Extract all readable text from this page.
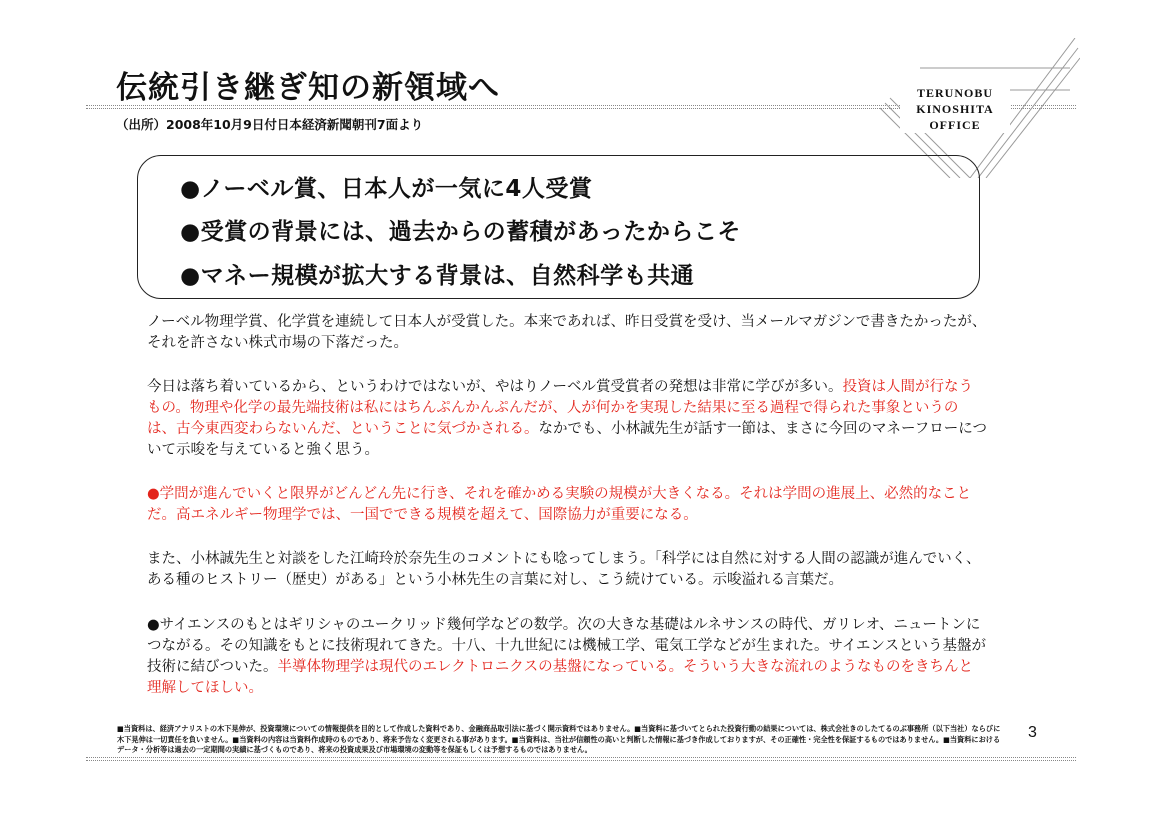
伝統引き継ぎ知の新領域へ
（出所）2008年10月9日付日本経済新聞朝刊7面より
TERUNOBU
KINOSHITA
OFFICE
●ノーベル賞、日本人が一気に4人受賞
●受賞の背景には、過去からの蓄積があったからこそ
●マネー規模が拡大する背景は、自然科学も共通

ノーベル物理学賞、化学賞を連続して日本人が受賞した。本来であれば、昨日受賞を受け、当メールマガジンで書きたかったが、それを許さない株式市場の下落だった。

今日は落ち着いているから、というわけではないが、やはりノーベル賞受賞者の発想は非常に学びが多い。投資は人間が行なうもの。物理や化学の最先端技術は私にはちんぷんかんぷんだが、人が何かを実現した結果に至る過程で得られた事象というのは、古今東西変わらないんだ、ということに気づかされる。なかでも、小林誠先生が話す一節は、まさに今回のマネーフローについて示唆を与えていると強く思う。

●学問が進んでいくと限界がどんどん先に行き、それを確かめる実験の規模が大きくなる。それは学問の進展上、必然的なことだ。高エネルギー物理学では、一国でできる規模を超えて、国際協力が重要になる。

また、小林誠先生と対談をした江崎玲於奈先生のコメントにも唸ってしまう。「科学には自然に対する人間の認識が進んでいく、ある種のヒストリー（歴史）がある」という小林先生の言葉に対し、こう続けている。示唆溢れる言葉だ。

●サイエンスのもとはギリシャのユークリッド幾何学などの数学。次の大きな基礎はルネサンスの時代、ガリレオ、ニュートンにつながる。その知識をもとに技術現れてきた。十八、十九世紀には機械工学、電気工学などが生まれた。サイエンスという基盤が技術に結びついた。半導体物理学は現代のエレクトロニクスの基盤になっている。そういう大きな流れのようなものをきちんと理解してほしい。

■当資料は、経済アナリストの木下晃伸が、投資環境についての情報提供を目的として作成した資料であり、金融商品取引法に基づく開示資料ではありません。■当資料に基づいてとられた投資行動の結果については、株式会社きのしたてるのぶ事務所（以下当社）ならびに木下晃伸は一切責任を負いません。■当資料の内容は当資料作成時のものであり、将来予告なく変更される事があります。■当資料は、当社が信頼性の高いと判断した情報に基づき作成しておりますが、その正確性・完全性を保証するものではありません。■当資料におけるデータ・分析等は過去の一定期間の実績に基づくものであり、将来の投資成果及び市場環境の変動等を保証もしくは予想するものではありません。
3
